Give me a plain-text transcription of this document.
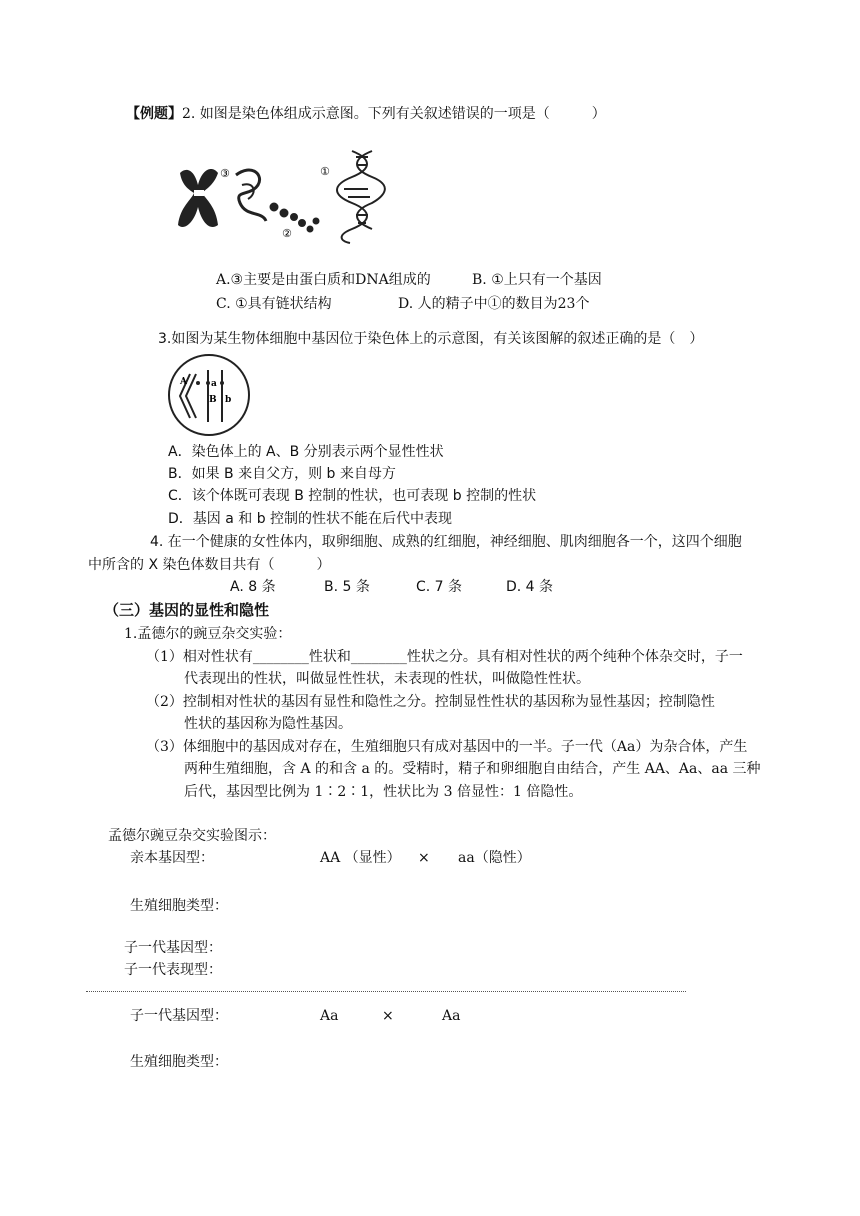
【例题】2. 如图是染色体组成示意图。下列有关叙述错误的一项是（　　　）
③	①
②
A.③主要是由蛋白质和DNA组成的	B. ①上只有一个基因
C. ①具有链状结构	D. 人的精子中①的数目为23个
3.如图为某生物体细胞中基因位于染色体上的示意图，有关该图解的叙述正确的是（　）
A	a
B b
A．染色体上的 A、B 分别表示两个显性性状
B．如果 B 来自父方，则 b 来自母方
C．该个体既可表现 B 控制的性状，也可表现 b 控制的性状
D．基因 a 和 b 控制的性状不能在后代中表现
4. 在一个健康的女性体内，取卵细胞、成熟的红细胞，神经细胞、肌肉细胞各一个，这四个细胞
中所含的 X 染色体数目共有（　　　）
A. 8 条	B. 5 条	C. 7 条	D. 4 条
（三）基因的显性和隐性
1.孟德尔的豌豆杂交实验：
（1）相对性状有________性状和________性状之分。具有相对性状的两个纯种个体杂交时，子一
代表现出的性状，叫做显性性状，未表现的性状，叫做隐性性状。
（2）控制相对性状的基因有显性和隐性之分。控制显性性状的基因称为显性基因；控制隐性
性状的基因称为隐性基因。
（3）体细胞中的基因成对存在，生殖细胞只有成对基因中的一半。子一代（Aa）为杂合体，产生
两种生殖细胞，含 A 的和含 a 的。受精时，精子和卵细胞自由结合，产生 AA、Aa、aa 三种
后代，基因型比例为 1∶2∶1，性状比为 3 倍显性：1 倍隐性。
孟德尔豌豆杂交实验图示：
亲本基因型：	AA （显性） × aa（隐性）
生殖细胞类型：
子一代基因型：
子一代表现型：
子一代基因型：	Aa	×	Aa
生殖细胞类型：
